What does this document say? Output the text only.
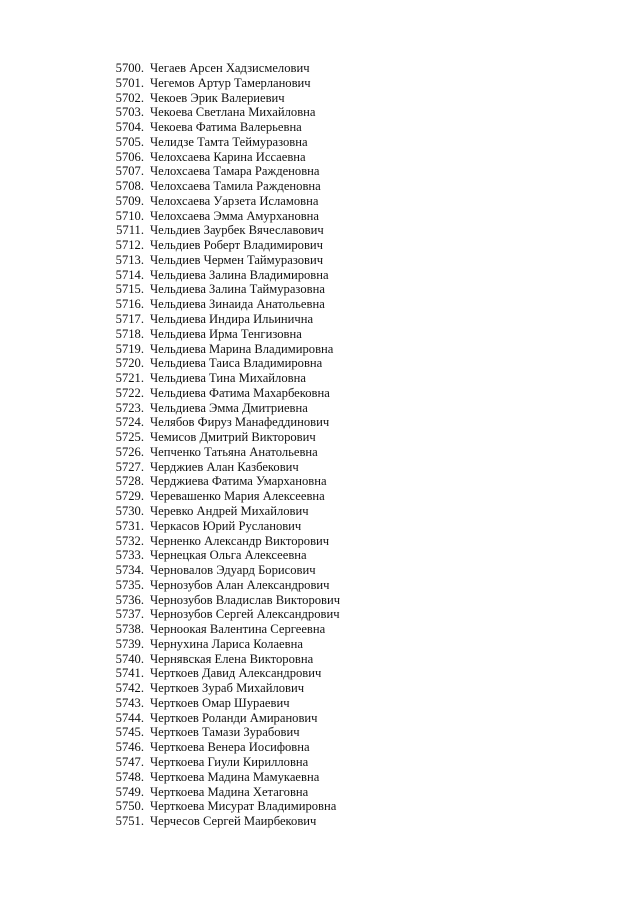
5700. Чегаев Арсен Хадзисмелович
5701. Чегемов Артур Тамерланович
5702. Чекоев Эрик Валериевич
5703. Чекоева Светлана Михайловна
5704. Чекоева Фатима Валерьевна
5705. Челидзе Тамта Теймуразовна
5706. Челохсаева Карина Иссаевна
5707. Челохсаева Тамара Ражденовна
5708. Челохсаева Тамила Ражденовна
5709. Челохсаева Уарзета Исламовна
5710. Челохсаева Эмма Амурхановна
5711. Чельдиев Заурбек Вячеславович
5712. Чельдиев Роберт Владимирович
5713. Чельдиев Чермен Таймуразович
5714. Чельдиева Залина Владимировна
5715. Чельдиева Залина Таймуразовна
5716. Чельдиева Зинаида Анатольевна
5717. Чельдиева Индира Ильинична
5718. Чельдиева Ирма Тенгизовна
5719. Чельдиева Марина Владимировна
5720. Чельдиева Таиса Владимировна
5721. Чельдиева Тина Михайловна
5722. Чельдиева Фатима Махарбековна
5723. Чельдиева Эмма Дмитриевна
5724. Челябов Фируз Манафеддинович
5725. Чемисов Дмитрий Викторович
5726. Чепченко Татьяна Анатольевна
5727. Черджиев Алан Казбекович
5728. Черджиева Фатима Умархановна
5729. Черевашенко Мария Алексеевна
5730. Черевко Андрей Михайлович
5731. Черкасов Юрий Русланович
5732. Черненко Александр Викторович
5733. Чернецкая Ольга Алексеевна
5734. Черновалов Эдуард Борисович
5735. Чернозубов Алан Александрович
5736. Чернозубов Владислав Викторович
5737. Чернозубов Сергей Александрович
5738. Черноокая Валентина Сергеевна
5739. Чернухина Лариса Колаевна
5740. Чернявская Елена Викторовна
5741. Черткоев Давид Александрович
5742. Черткоев Зураб Михайлович
5743. Черткоев Омар Шураевич
5744. Черткоев Роланди Амиранович
5745. Черткоев Тамази Зурабович
5746. Черткоева Венера Иосифовна
5747. Черткоева Гиули Кирилловна
5748. Черткоева Мадина Мамукаевна
5749. Черткоева Мадина Хетаговна
5750. Черткоева Мисурат Владимировна
5751. Черчесов Сергей Маирбекович
